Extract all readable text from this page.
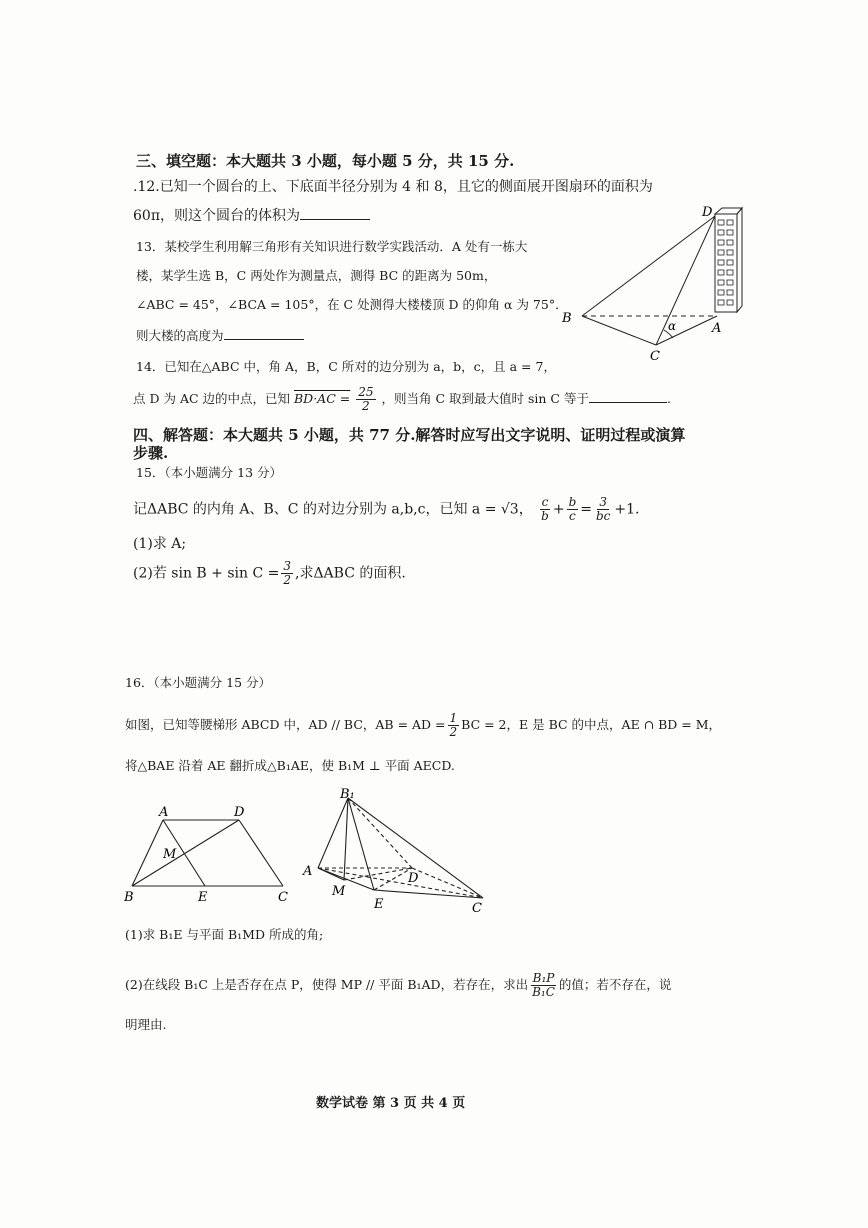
三、填空题：本大题共 3 小题，每小题 5 分，共 15 分.
.12.已知一个圆台的上、下底面半径分别为 4 和 8，且它的侧面展开图扇环的面积为
60π，则这个圆台的体积为
13．某校学生利用解三角形有关知识进行数学实践活动．A 处有一栋大
楼，某学生选 B，C 两处作为测量点，测得 BC 的距离为 50m，
∠ABC = 45°，∠BCA = 105°，在 C 处测得大楼楼顶 D 的仰角 α 为 75°．
则大楼的高度为
D
B
A
C
α
14．已知在△ABC 中，角 A，B，C 所对的边分别为 a，b，c，且 a = 7，
点 D 为 AC 边的中点，已知 $BD\cdot AC = \frac{25}{2}$ ，则当角 C 取到最大值时 sin C 等于	.
四、解答题：本大题共 5 小题，共 77 分.解答时应写出文字说明、证明过程或演算
步骤.
15．（本小题满分 13 分）
记ΔABC 的内角 A、B、C 的对边分别为 a,b,c，已知 a = √3， $\frac{c}{b} + \frac{b}{c} = \frac{3}{bc} +1$.
(1)求 A;
(2)若 $\sin B + \sin C = \frac{3}{2}$ ,求ΔABC 的面积.
16．（本小题满分 15 分）
如图，已知等腰梯形 ABCD 中，AD // BC，AB = AD = $\frac{1}{2}$ BC = 2，E 是 BC 的中点，AE ∩ BD = M，
将△BAE 沿着 AE 翻折成△B₁AE，使 B₁M ⊥ 平面 AECD.
A	D
M
B	E	C
B₁
A
M
D
E	C
(1)求 B₁E 与平面 B₁MD 所成的角;
(2)在线段 B₁C 上是否存在点 P，使得 MP // 平面 B₁AD，若存在，求出 $\frac{\text{B₁P}}{\text{B₁C}}$ 的值；若不存在，说
明理由.
数学试卷 第 3 页 共 4 页
